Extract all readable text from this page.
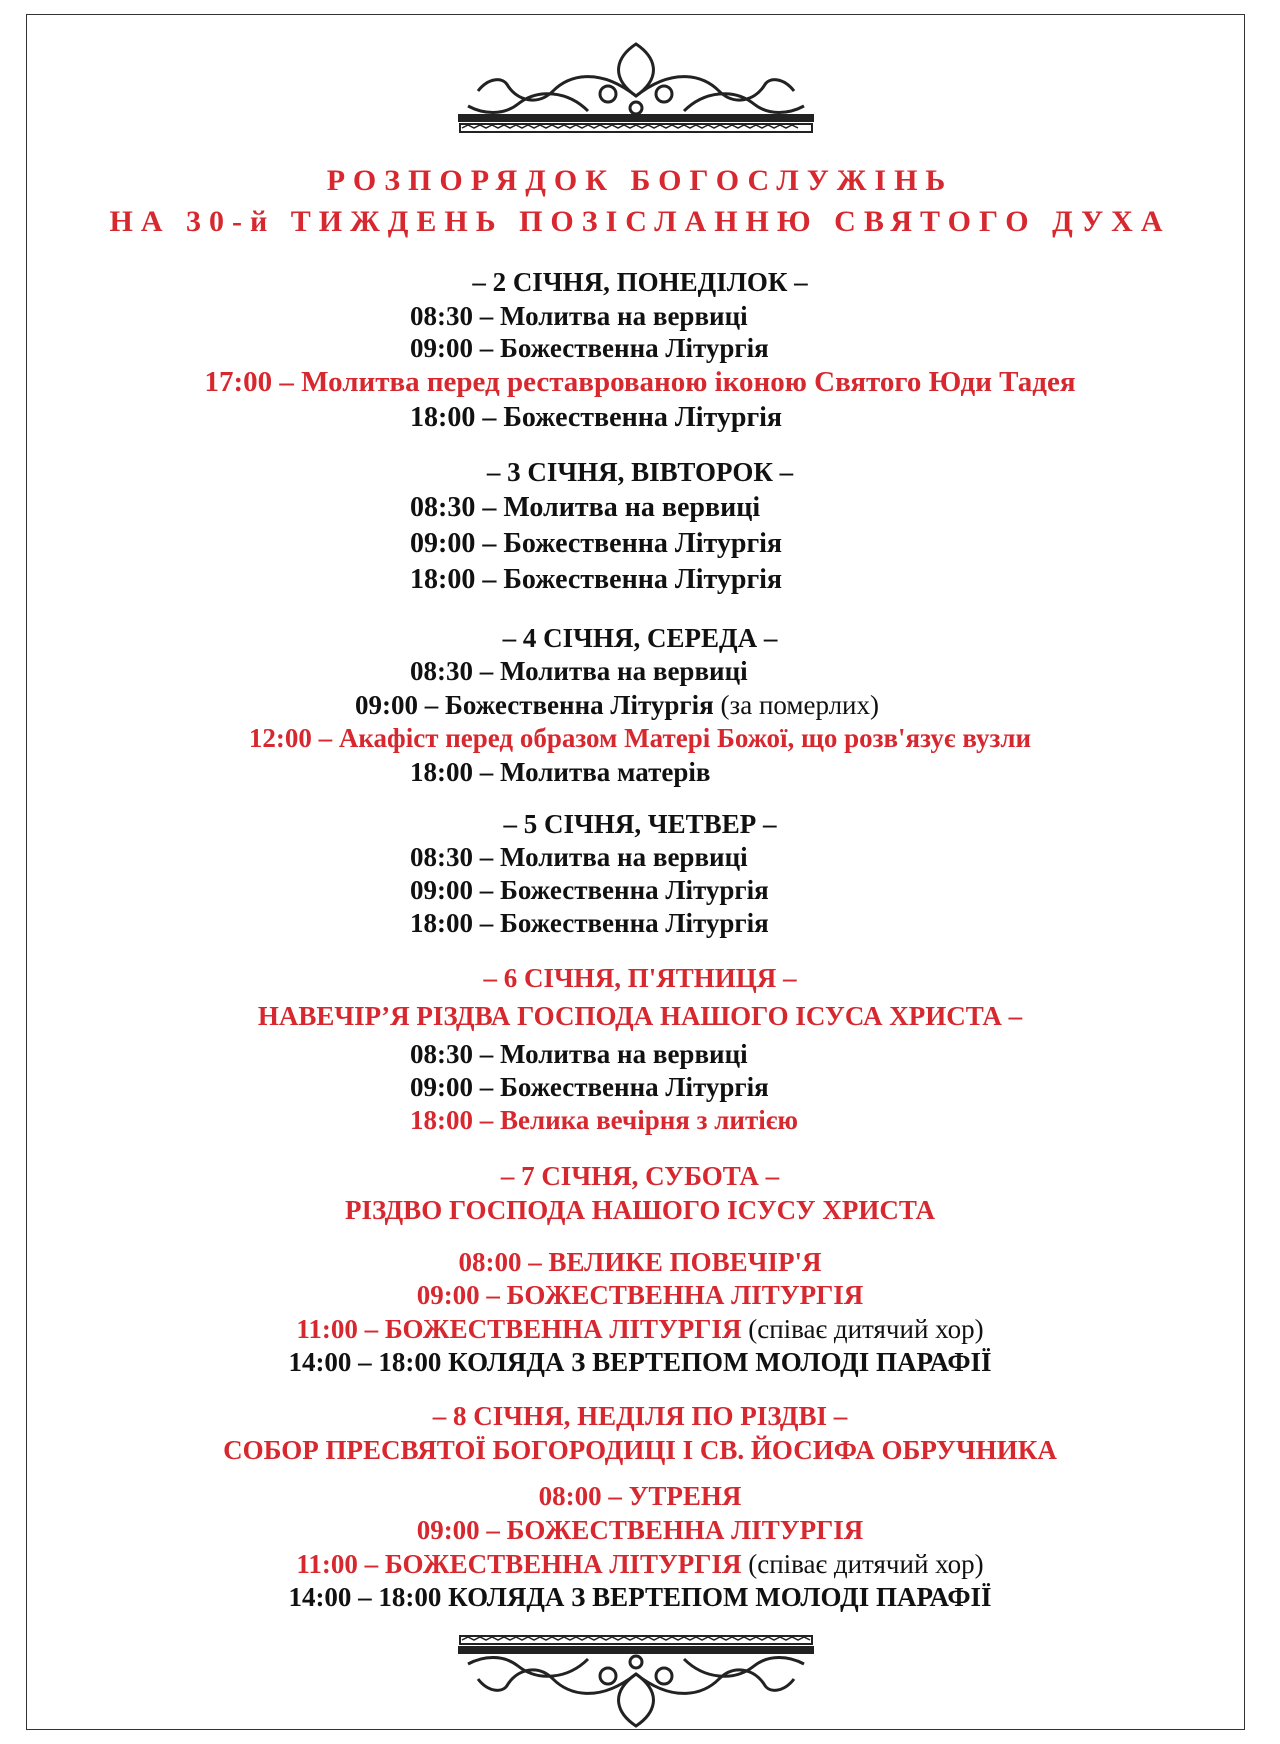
РОЗПОРЯДОК БОГОСЛУЖІНЬ
НА 30-й ТИЖДЕНЬ ПОЗІСЛАННЮ СВЯТОГО ДУХА
– 2 СІЧНЯ, ПОНЕДІЛОК –
08:30 – Молитва на вервиці
09:00 – Божественна Літургія
17:00 – Молитва перед реставрованою іконою Святого Юди Тадея
18:00 – Божественна Літургія
– 3 СІЧНЯ, ВІВТОРОК –
08:30 – Молитва на вервиці
09:00 – Божественна Літургія
18:00 – Божественна Літургія
– 4 СІЧНЯ, СЕРЕДА –
08:30 – Молитва на вервиці
09:00 – Божественна Літургія (за померлих)
12:00 – Акафіст перед образом Матері Божої, що розв'язує вузли
18:00 – Молитва матерів
– 5 СІЧНЯ, ЧЕТВЕР –
08:30 – Молитва на вервиці
09:00 – Божественна Літургія
18:00 – Божественна Літургія
– 6 СІЧНЯ, П'ЯТНИЦЯ –
НАВЕЧІР’Я РІЗДВА ГОСПОДА НАШОГО ІСУСА ХРИСТА –
08:30 – Молитва на вервиці
09:00 – Божественна Літургія
18:00 – Велика вечірня з литією
– 7 СІЧНЯ, СУБОТА –
РІЗДВО ГОСПОДА НАШОГО ІСУСУ ХРИСТА
08:00 – ВЕЛИКЕ ПОВЕЧІР'Я
09:00 – БОЖЕСТВЕННА ЛІТУРГІЯ
11:00 – БОЖЕСТВЕННА ЛІТУРГІЯ (співає дитячий хор)
14:00 – 18:00 КОЛЯДА З ВЕРТЕПОМ МОЛОДІ ПАРАФІЇ
– 8 СІЧНЯ, НЕДІЛЯ ПО РІЗДВІ –
СОБОР ПРЕСВЯТОЇ БОГОРОДИЦІ І СВ. ЙОСИФА ОБРУЧНИКА
08:00 – УТРЕНЯ
09:00 – БОЖЕСТВЕННА ЛІТУРГІЯ
11:00 – БОЖЕСТВЕННА ЛІТУРГІЯ (співає дитячий хор)
14:00 – 18:00 КОЛЯДА З ВЕРТЕПОМ МОЛОДІ ПАРАФІЇ
